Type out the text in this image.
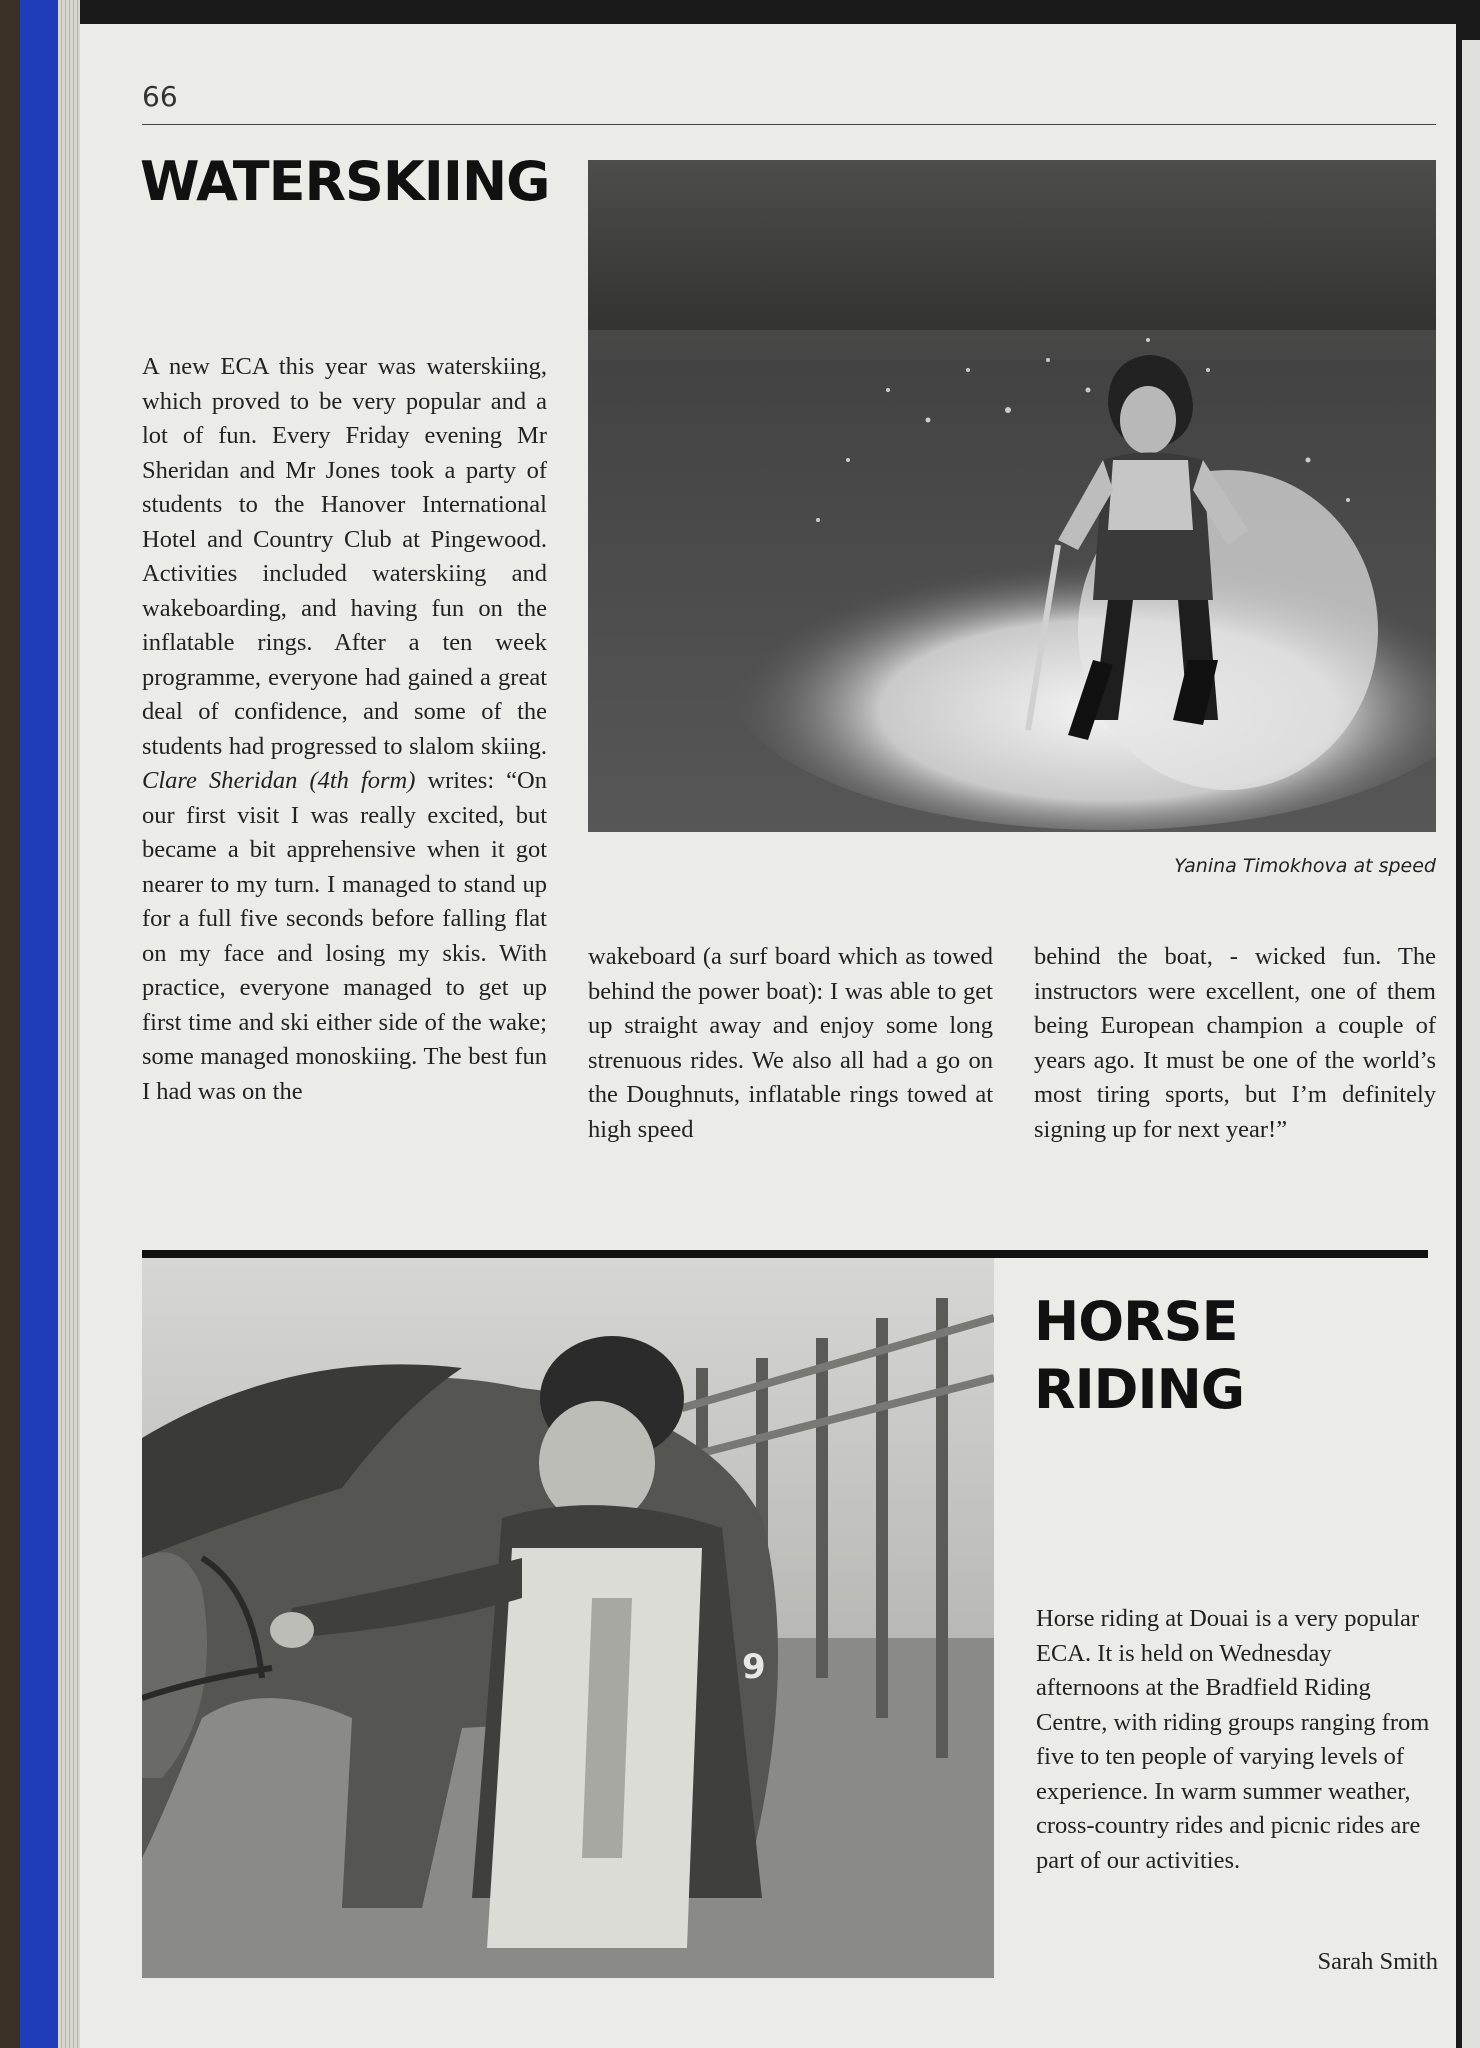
66
WATERSKIING
A new ECA this year was waterskiing, which proved to be very popular and a lot of fun. Every Friday evening Mr Sheridan and Mr Jones took a party of students to the Hanover International Hotel and Country Club at Pingewood. Activities included waterskiing and wakeboarding, and having fun on the inflatable rings. After a ten week programme, everyone had gained a great deal of confidence, and some of the students had progressed to slalom skiing. Clare Sheridan (4th form) writes: “On our first visit I was really excited, but became a bit apprehensive when it got nearer to my turn. I managed to stand up for a full five seconds before falling flat on my face and losing my skis. With practice, everyone managed to get up first time and ski either side of the wake; some managed monoskiing. The best fun I had was on the
Yanina Timokhova at speed
wakeboard (a surf board which as towed behind the power boat): I was able to get up straight away and enjoy some long strenuous rides. We also all had a go on the Doughnuts, inflatable rings towed at high speed
behind the boat, - wicked fun. The instructors were excellent, one of them being European champion a couple of years ago. It must be one of the world’s most tiring sports, but I’m definitely signing up for next year!”
9
HORSE
RIDING
Horse riding at Douai is a very popular ECA. It is held on Wednesday afternoons at the Bradfield Riding Centre, with riding groups ranging from five to ten people of varying levels of experience. In warm summer weather, cross-country rides and picnic rides are part of our activities.
Sarah Smith
